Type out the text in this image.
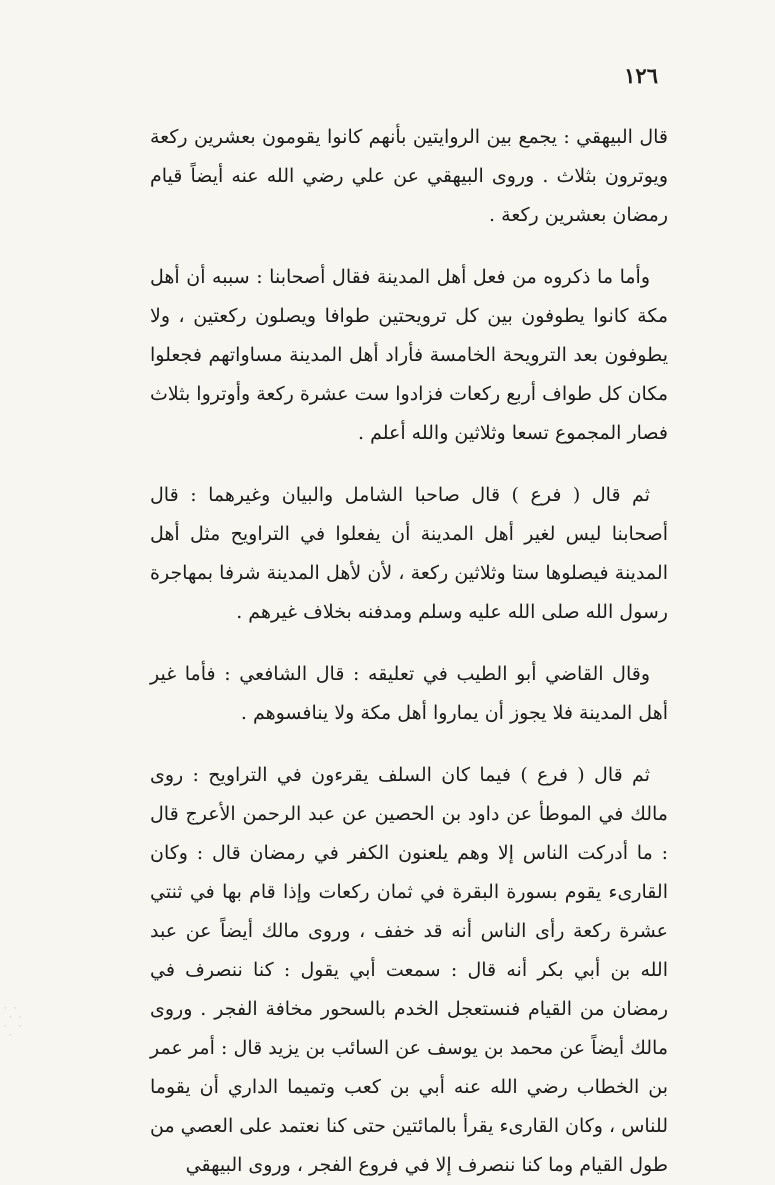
١٢٦

قال البيهقي : يجمع بين الروايتين بأنهم كانوا يقومون بعشرين ركعة ويوترون بثلاث . وروى البيهقي عن علي رضي الله عنه أيضاً قيام رمضان بعشرين ركعة .

وأما ما ذكروه من فعل أهل المدينة فقال أصحابنا : سببه أن أهل مكة كانوا يطوفون بين كل ترويحتين طوافا ويصلون ركعتين ، ولا يطوفون بعد الترويحة الخامسة فأراد أهل المدينة مساواتهم فجعلوا مكان كل طواف أربع ركعات فزادوا ست عشرة ركعة وأوتروا بثلاث فصار المجموع تسعا وثلاثين والله أعلم .

ثم قال ( فرع ) قال صاحبا الشامل والبيان وغيرهما : قال أصحابنا ليس لغير أهل المدينة أن يفعلوا في التراويح مثل أهل المدينة فيصلوها ستا وثلاثين ركعة ، لأن لأهل المدينة شرفا بمهاجرة رسول الله صلى الله عليه وسلم ومدفنه بخلاف غيرهم .

وقال القاضي أبو الطيب في تعليقه : قال الشافعي : فأما غير أهل المدينة فلا يجوز أن يماروا أهل مكة ولا ينافسوهم .

ثم قال ( فرع ) فيما كان السلف يقرءون في التراويح : روى مالك في الموطأ عن داود بن الحصين عن عبد الرحمن الأعرج قال : ما أدركت الناس إلا وهم يلعنون الكفر في رمضان قال : وكان القارىء يقوم بسورة البقرة في ثمان ركعات وإذا قام بها في ثنتي عشرة ركعة رأى الناس أنه قد خفف ، وروى مالك أيضاً عن عبد الله بن أبي بكر أنه قال : سمعت أبي يقول : كنا ننصرف في رمضان من القيام فنستعجل الخدم بالسحور مخافة الفجر . وروى مالك أيضاً عن محمد بن يوسف عن السائب بن يزيد قال : أمر عمر بن الخطاب رضي الله عنه أبي بن كعب وتميما الداري أن يقوما للناس ، وكان القارىء يقرأ بالمائتين حتى كنا نعتمد على العصي من طول القيام وما كنا ننصرف إلا في فروع الفجر ، وروى البيهقي

· ·
· ·
·  ·
·
